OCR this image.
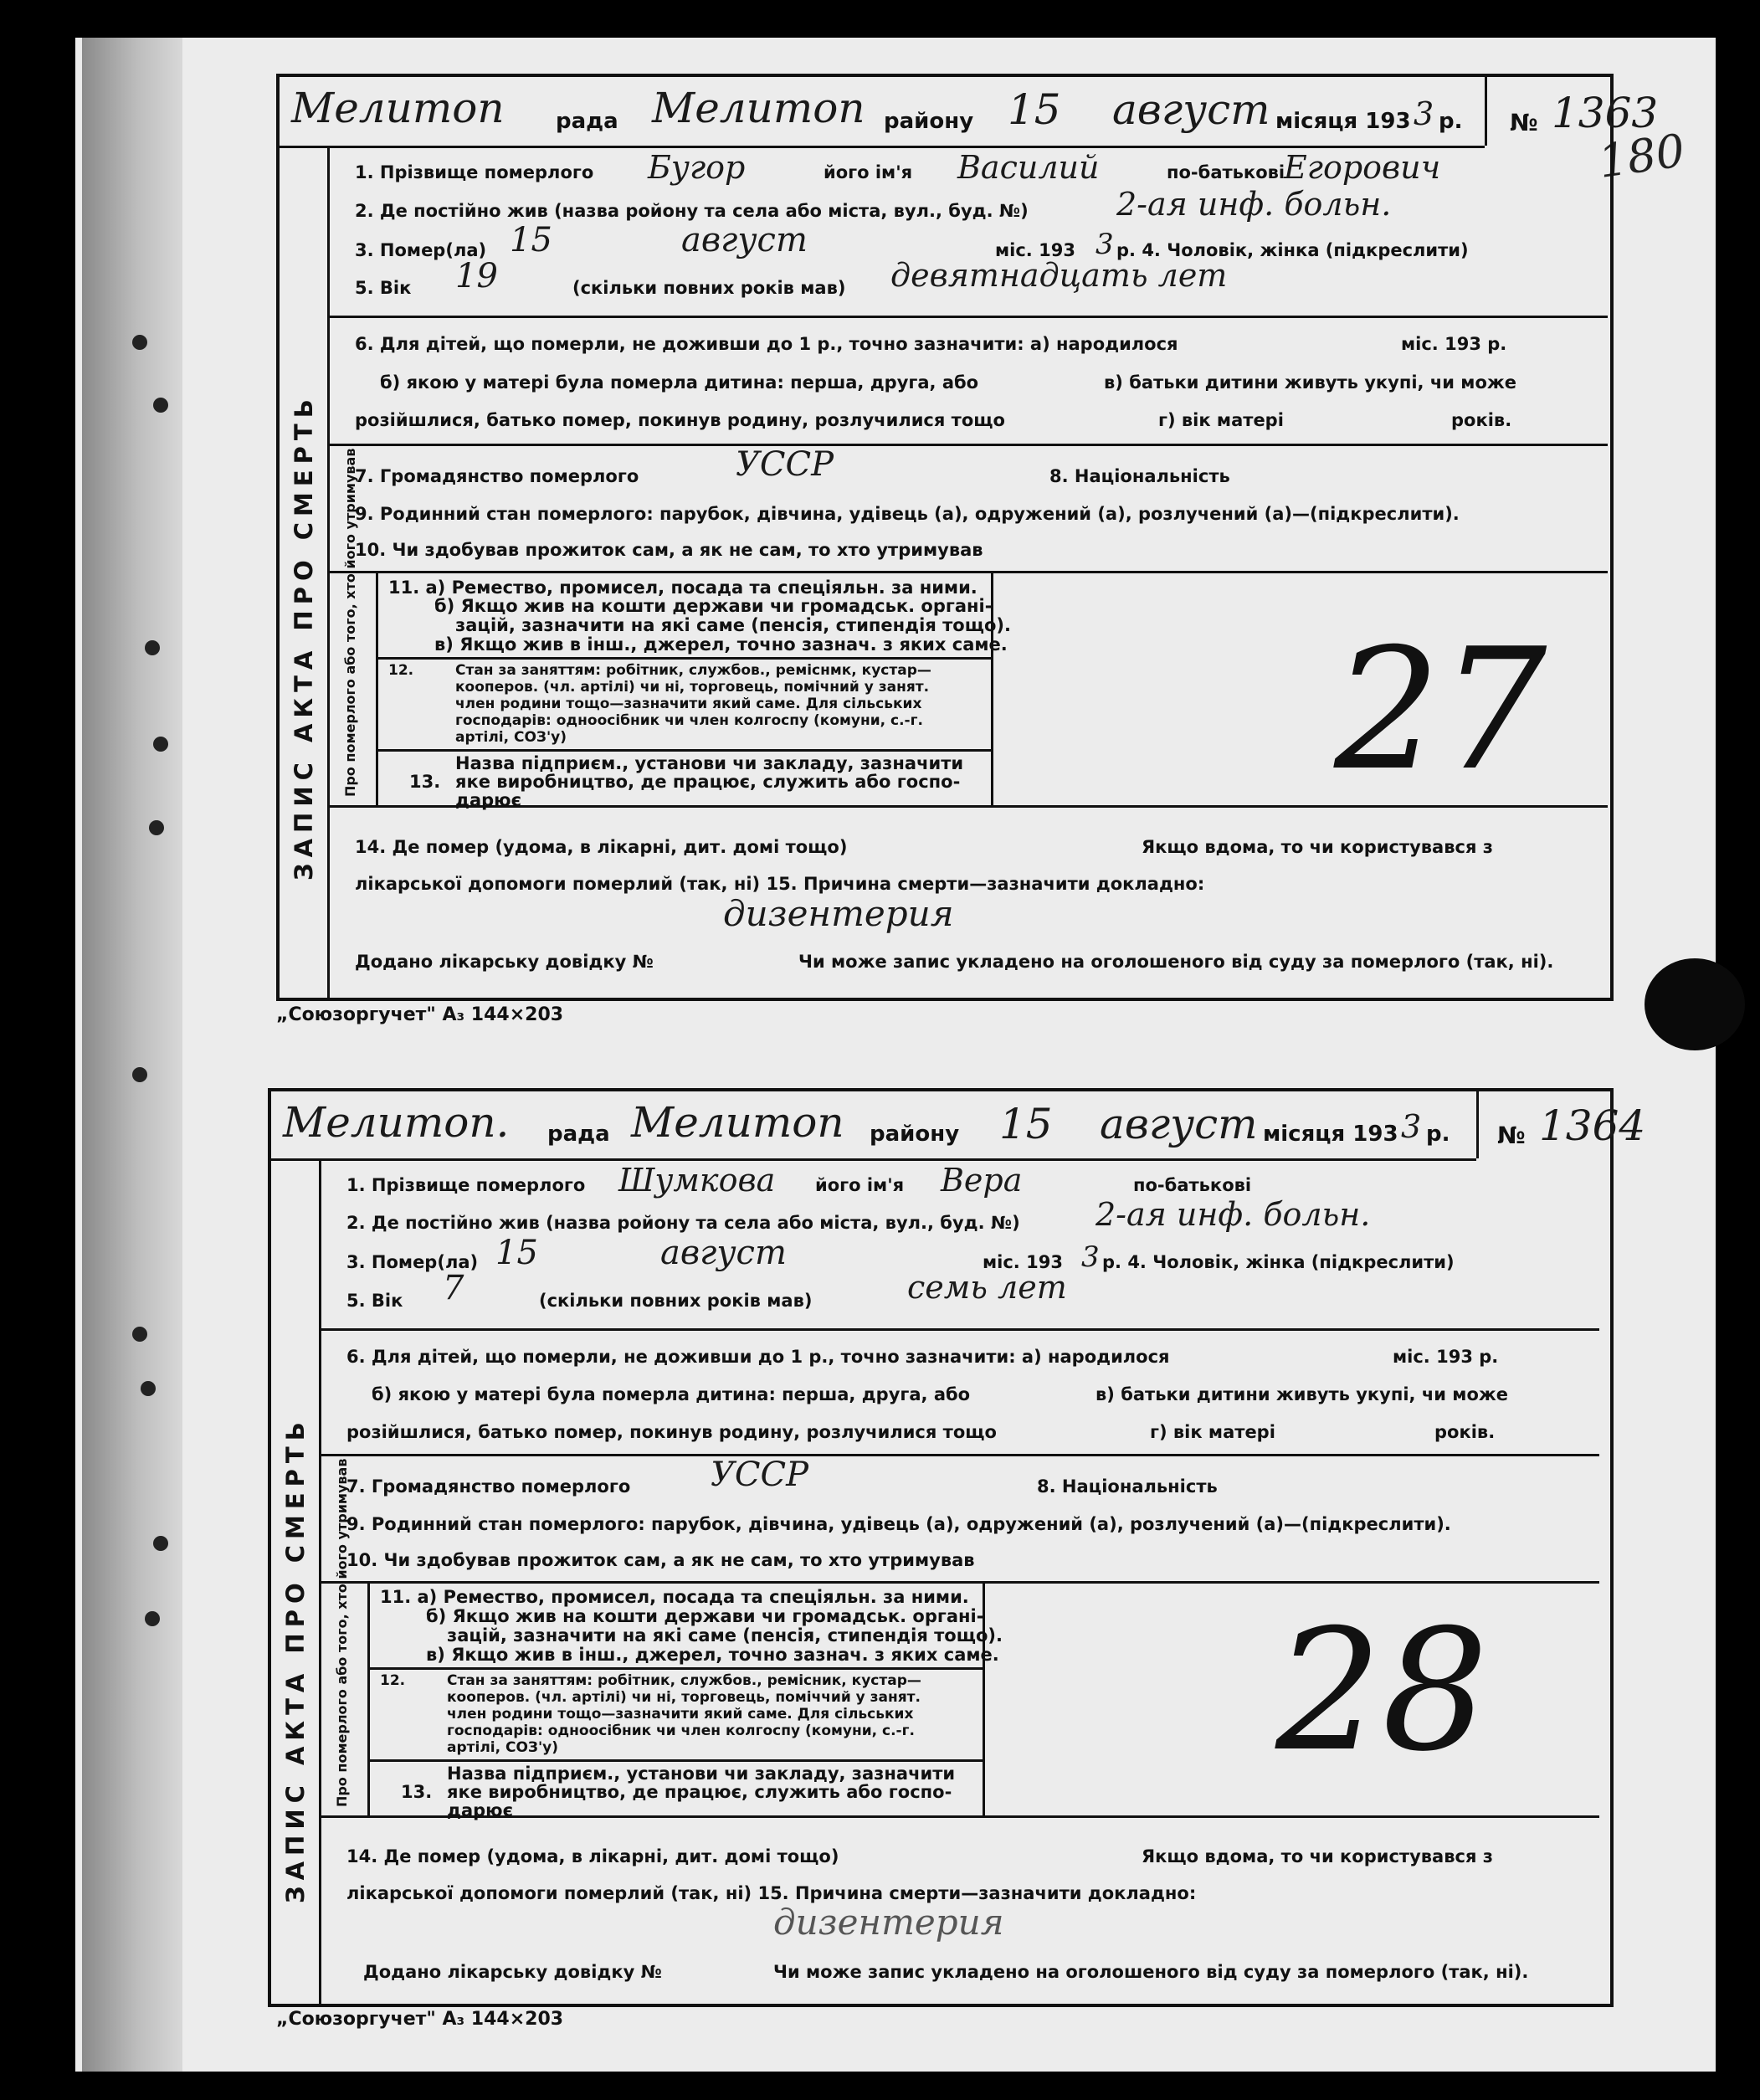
180
Мелитоп рада Мелитоп району 15 август місяця 193 3 р. № 1363
ЗАПИС АКТА ПРО СМЕРТЬ
1. Прізвище померлого Бугор	його ім'я Василий	по-батькові
Егорович
2. Де постійно жив (назва ройону та села або міста, вул., буд. №)	2-ая инф. больн.
3. Помер(ла) 15	август	міс. 193 3 р. 4. Чоловік, жінка (підкреслити)
5. Вік 19	(скільки повних років мав) девятнадцать лет
6. Для дітей, що померли, не доживши до 1 р., точно зазначити: а) народилося	міс. 193 р.
б) якою у матері була померла дитина: перша, друга, або	в) батьки дитини живуть укупі, чи може
розійшлися, батько помер, покинув родину, розлучилися тощо	г) вік матері	років.
7. Громадянство померлого	УССР	8. Національність
9. Родинний стан померлого: парубок, дівчина, удівець (а), одружений (а), розлучений (а)—(підкреслити).
10. Чи здобував прожиток сам, а як не сам, то хто утримував
Про померлого або того, хто його утримував 11. а) Ремество, промисел, посада та спеціяльн. за ними.
б) Якщо жив на кошти держави чи громадськ. органі-
зацій, зазначити на які саме (пенсія, стипендія тощо).
в) Якщо жив в інш., джерел, точно зазнач. з яких саме.
12.	Стан за заняттям: робітник, службов., реміснмк, кустар—
кооперов. (чл. артілі) чи ні, торговець, помічний у занят.
член родини тощо—зазначити який саме. Для сільських
господарів: одноосібник чи член колгоспу (комуни, с.-г.
артілі, СОЗ'у)
13.
Назва підприєм., установи чи закладу, зазначити
яке виробництво, де працює, служить або госпо-
дарює	27
14. Де помер (удома, в лікарні, дит. домі тощо)	Якщо вдома, то чи користувався з
лікарської допомоги померлий (так, ні) 15. Причина смерти—зазначити докладно:
дизентерия
Додано лікарську довідку №	Чи може запис укладено на оголошеного від суду за померлого (так, ні).
„Союзоргучет" А₃ 144×203
Мелитоп. рада Мелитоп району 15 август місяця 193 3 р. № 1364
ЗАПИС АКТА ПРО СМЕРТЬ
1. Прізвище померлого Шумкова його ім'я Вера	по-батькові
2. Де постійно жив (назва ройону та села або міста, вул., буд. №) 2-ая инф. больн.
3. Помер(ла) 15	август	міс. 193 3 р. 4. Чоловік, жінка (підкреслити)
5. Вік 7	(скільки повних років мав)	семь лет
6. Для дітей, що померли, не доживши до 1 р., точно зазначити: а) народилося	міс. 193 р.
б) якою у матері була померла дитина: перша, друга, або	в) батьки дитини живуть укупі, чи може
розійшлися, батько помер, покинув родину, розлучилися тощо	г) вік матері	років.
7. Громадянство померлого УССР	8. Національність
9. Родинний стан померлого: парубок, дівчина, удівець (а), одружений (а), розлучений (а)—(підкреслити).
10. Чи здобував прожиток сам, а як не сам, то хто утримував
Про померлого або того, хто його утримував 11. а) Ремество, промисел, посада та спеціяльн. за ними.
б) Якщо жив на кошти держави чи громадськ. органі-
зацій, зазначити на які саме (пенсія, стипендія тощо).
в) Якщо жив в інш., джерел, точно зазнач. з яких саме.
12.	Стан за заняттям: робітник, службов., ремісник, кустар—
кооперов. (чл. артілі) чи ні, торговець, поміччий у занят.
член родини тощо—зазначити який саме. Для сільських
господарів: одноосібник чи член колгоспу (комуни, с.-г.
артілі, СОЗ'у)
13.
Назва підприєм., установи чи закладу, зазначити
яке виробництво, де працює, служить або госпо-
дарює
28
14. Де помер (удома, в лікарні, дит. домі тощо)	Якщо вдома, то чи користувався з
лікарської допомоги померлий (так, ні) 15. Причина смерти—зазначити докладно:
дизентерия
Додано лікарську довідку №	Чи може запис укладено на оголошеного від суду за померлого (так, ні).
„Союзоргучет" А₃ 144×203
